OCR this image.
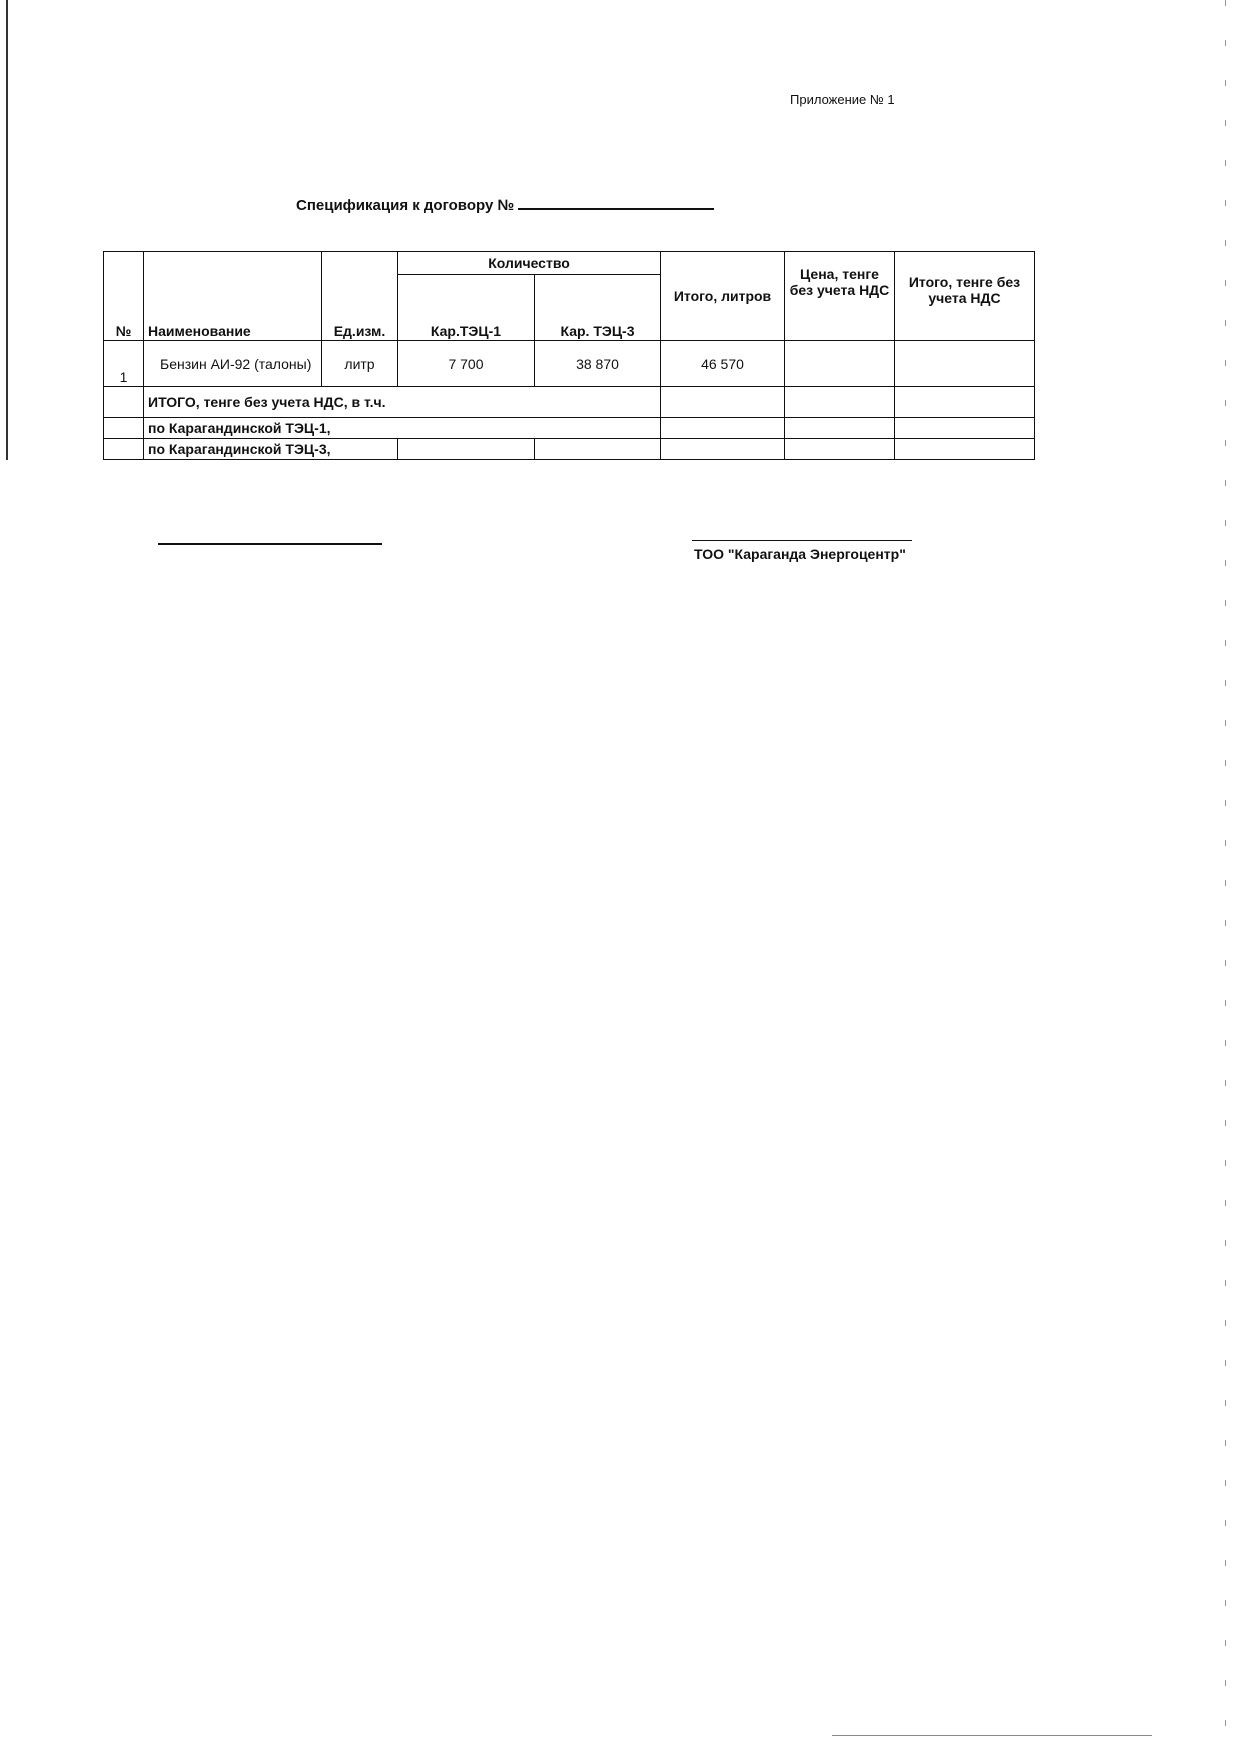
Приложение № 1
Спецификация к договору №
№	Наименование	Ед.изм.	Количество		Итого, литров	Цена, тенге без учета НДС	Итого, тенге без учета НДС
			Кар.ТЭЦ-1	Кар. ТЭЦ-3			
1	Бензин АИ-92 (талоны)	литр	7 700	38 870	46 570		
	ИТОГО, тенге без учета НДС, в т.ч.						
	по Карагандинской ТЭЦ-1,						
	по Карагандинской ТЭЦ-3,						
ТОО "Караганда Энергоцентр"
